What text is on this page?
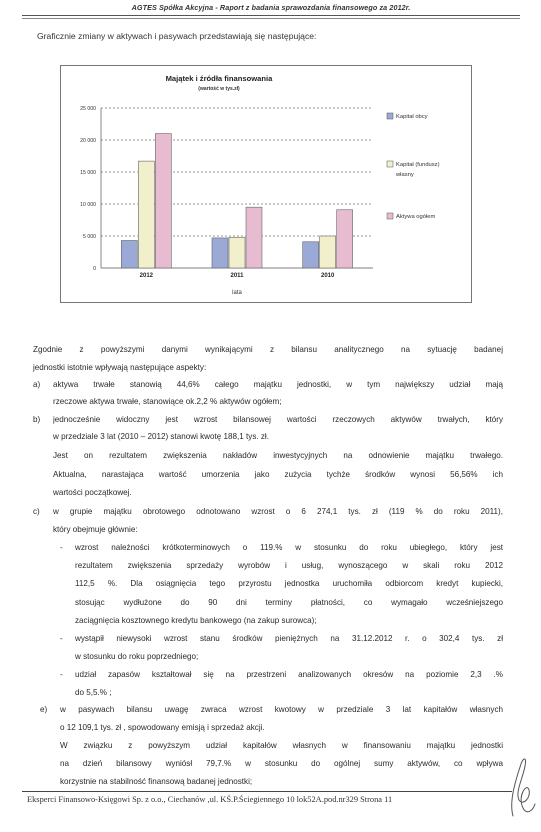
AGTES Spółka Akcyjna - Raport z badania sprawozdania finansowego za 2012r.
Graficznie zmiany w aktywach i pasywach przedstawiają się następujące:
Majątek i źródła finansowania
(wartość w tys.zł)
25 000
20 000
15 000
10 000
5 000
0
2012	2011	2010
lata
Kapitał obcy
Kapitał (fundusz)
własny
Aktywa ogółem
Zgodnie z powyższymi danymi wynikającymi z bilansu analitycznego na sytuację badanej
jednostki istotnie wpływają następujące aspekty:
a) aktywa trwałe stanowią 44,6% całego majątku jednostki, w tym największy udział mają
rzeczowe aktywa trwałe, stanowiące ok.2,2 % aktywów ogółem;
b) jednocześnie widoczny jest wzrost bilansowej wartości rzeczowych aktywów trwałych, który
w przedziale 3 lat (2010 – 2012) stanowi kwotę 188,1 tys. zł.
Jest on rezultatem zwiększenia nakładów inwestycyjnych na odnowienie majątku trwałego.
Aktualna, narastająca wartość umorzenia jako zużycia tychże środków wynosi 56,56% ich
wartości początkowej.
c) w grupie majątku obrotowego odnotowano wzrost o 6 274,1 tys. zł (119 % do roku 2011),
który obejmuje głównie:
- wzrost należności krótkoterminowych o 119.% w stosunku do roku ubiegłego, który jest
rezultatem zwiększenia sprzedaży wyrobów i usług, wynoszącego w skali roku 2012
112,5 %. Dla osiągnięcia tego przyrostu jednostka uruchomiła odbiorcom kredyt kupiecki,
stosując wydłużone do 90 dni terminy płatności, co wymagało wcześniejszego
zaciągnięcia kosztownego kredytu bankowego (na zakup surowca);
- wystąpił niewysoki wzrost stanu środków pieniężnych na 31.12.2012 r. o 302,4 tys. zł
w stosunku do roku poprzedniego;
- udział zapasów kształtował się na przestrzeni analizowanych okresów na poziomie 2,3 .%
do 5,5.% ;
e) w pasywach bilansu uwagę zwraca wzrost kwotowy w przedziale 3 lat kapitałów własnych
o 12 109,1 tys. zł , spowodowany emisją i sprzedaż akcji.
W związku z powyższym udział kapitałów własnych w finansowaniu majątku jednostki
na dzień bilansowy wyniósł 79,7.% w stosunku do ogólnej sumy aktywów, co wpływa
korzystnie na stabilność finansową badanej jednostki;
Eksperci Finansowo-Księgowi Sp. z o.o., Ciechanów ,ul. KŚ.P.Ściegiennego 10 lok52A.pod.nr329 Strona 11
